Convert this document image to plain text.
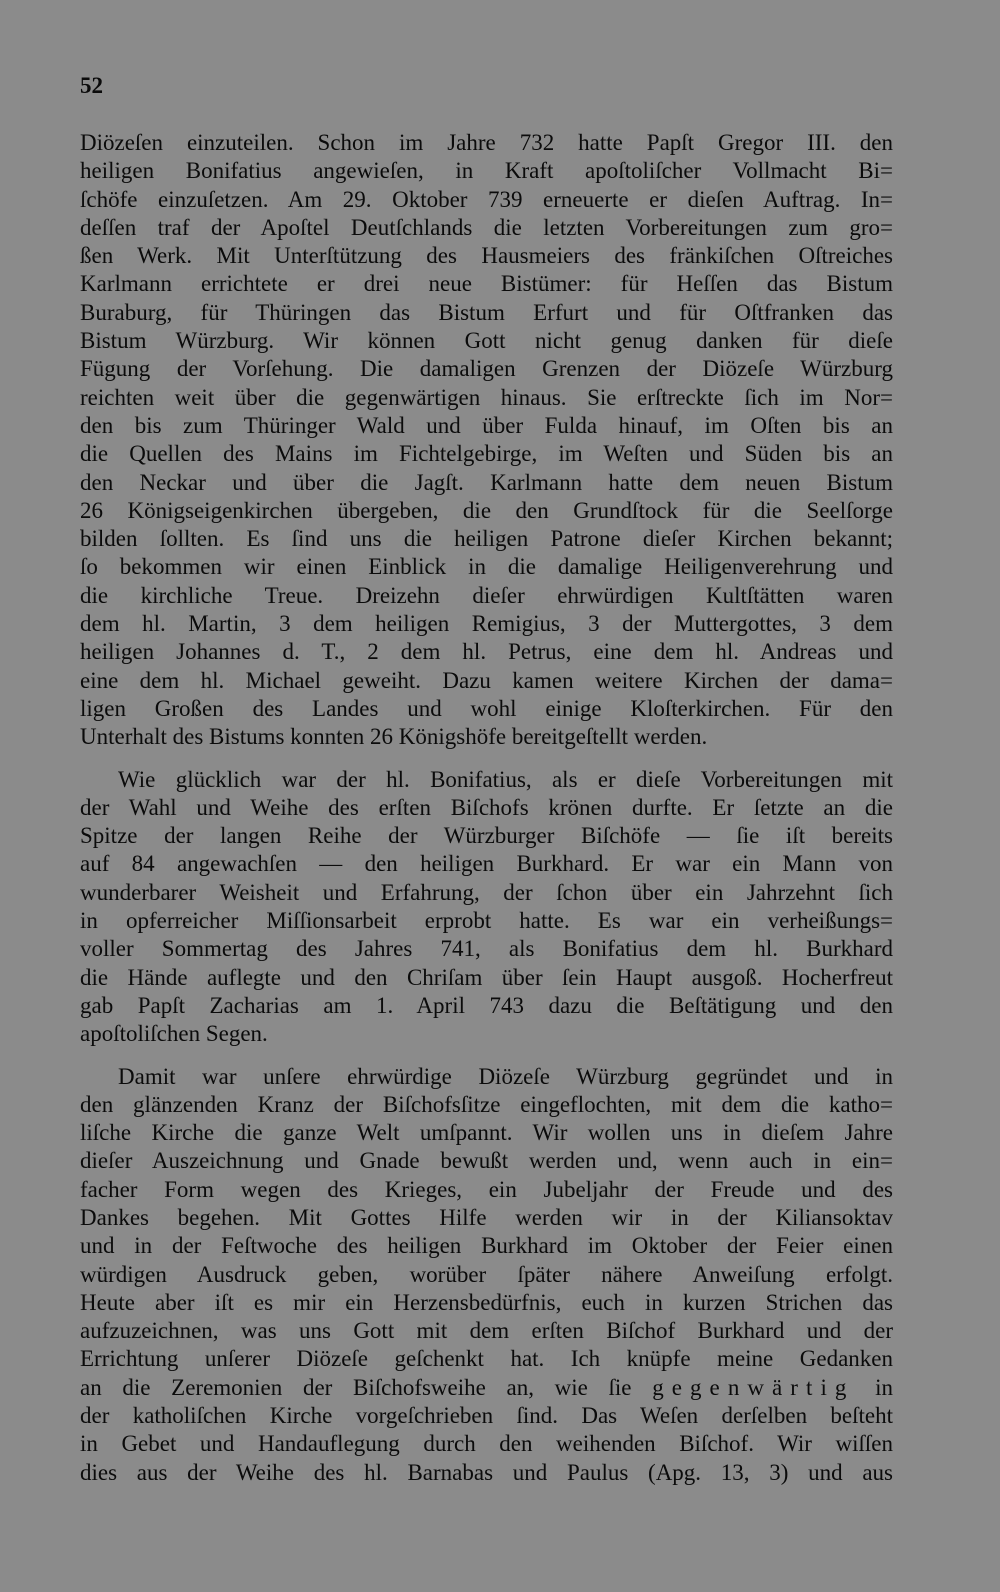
52
Diözeſen einzuteilen. Schon im Jahre 732 hatte Papſt Gregor III. den
heiligen Bonifatius angewieſen, in Kraft apoſtoliſcher Vollmacht Bi=
ſchöfe einzuſetzen. Am 29. Oktober 739 erneuerte er dieſen Auftrag. In=
deſſen traf der Apoſtel Deutſchlands die letzten Vorbereitungen zum gro=
ßen Werk. Mit Unterſtützung des Hausmeiers des fränkiſchen Oſtreiches
Karlmann errichtete er drei neue Bistümer: für Heſſen das Bistum
Buraburg, für Thüringen das Bistum Erfurt und für Oſtfranken das
Bistum Würzburg. Wir können Gott nicht genug danken für dieſe
Fügung der Vorſehung. Die damaligen Grenzen der Diözeſe Würzburg
reichten weit über die gegenwärtigen hinaus. Sie erſtreckte ſich im Nor=
den bis zum Thüringer Wald und über Fulda hinauf, im Oſten bis an
die Quellen des Mains im Fichtelgebirge, im Weſten und Süden bis an
den Neckar und über die Jagſt. Karlmann hatte dem neuen Bistum
26 Königseigenkirchen übergeben, die den Grundſtock für die Seelſorge
bilden ſollten. Es ſind uns die heiligen Patrone dieſer Kirchen bekannt;
ſo bekommen wir einen Einblick in die damalige Heiligenverehrung und
die kirchliche Treue. Dreizehn dieſer ehrwürdigen Kultſtätten waren
dem hl. Martin, 3 dem heiligen Remigius, 3 der Muttergottes, 3 dem
heiligen Johannes d. T., 2 dem hl. Petrus, eine dem hl. Andreas und
eine dem hl. Michael geweiht. Dazu kamen weitere Kirchen der dama=
ligen Großen des Landes und wohl einige Kloſterkirchen. Für den
Unterhalt des Bistums konnten 26 Königshöfe bereitgeſtellt werden.
Wie glücklich war der hl. Bonifatius, als er dieſe Vorbereitungen mit
der Wahl und Weihe des erſten Biſchofs krönen durfte. Er ſetzte an die
Spitze der langen Reihe der Würzburger Biſchöfe — ſie iſt bereits
auf 84 angewachſen — den heiligen Burkhard. Er war ein Mann von
wunderbarer Weisheit und Erfahrung, der ſchon über ein Jahrzehnt ſich
in opferreicher Miſſionsarbeit erprobt hatte. Es war ein verheißungs=
voller Sommertag des Jahres 741, als Bonifatius dem hl. Burkhard
die Hände auflegte und den Chriſam über ſein Haupt ausgoß. Hocherfreut
gab Papſt Zacharias am 1. April 743 dazu die Beſtätigung und den
apoſtoliſchen Segen.
Damit war unſere ehrwürdige Diözeſe Würzburg gegründet und in
den glänzenden Kranz der Biſchofsſitze eingeflochten, mit dem die katho=
liſche Kirche die ganze Welt umſpannt. Wir wollen uns in dieſem Jahre
dieſer Auszeichnung und Gnade bewußt werden und, wenn auch in ein=
facher Form wegen des Krieges, ein Jubeljahr der Freude und des
Dankes begehen. Mit Gottes Hilfe werden wir in der Kiliansoktav
und in der Feſtwoche des heiligen Burkhard im Oktober der Feier einen
würdigen Ausdruck geben, worüber ſpäter nähere Anweiſung erfolgt.
Heute aber iſt es mir ein Herzensbedürfnis, euch in kurzen Strichen das
aufzuzeichnen, was uns Gott mit dem erſten Biſchof Burkhard und der
Errichtung unſerer Diözeſe geſchenkt hat. Ich knüpfe meine Gedanken
an die Zeremonien der Biſchofsweihe an, wie ſie gegenwärtig in
der katholiſchen Kirche vorgeſchrieben ſind. Das Weſen derſelben beſteht
in Gebet und Handauflegung durch den weihenden Biſchof. Wir wiſſen
dies aus der Weihe des hl. Barnabas und Paulus (Apg. 13, 3) und aus
